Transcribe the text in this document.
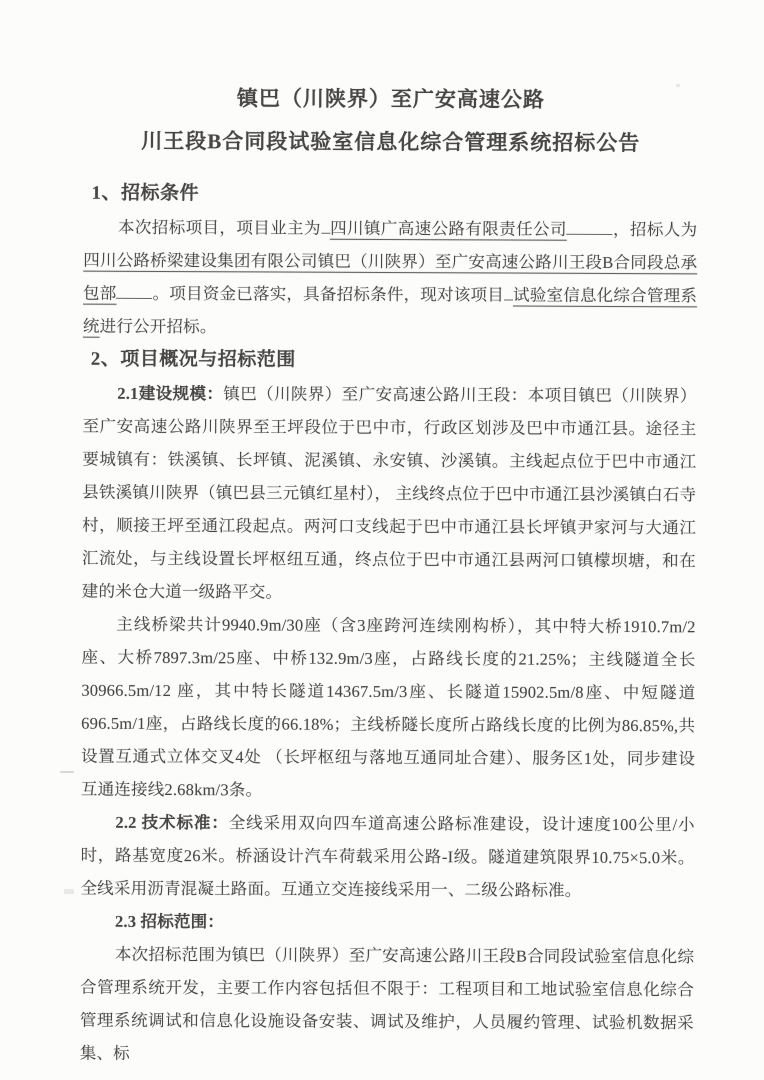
镇巴（川陕界）至广安高速公路
川王段B合同段试验室信息化综合管理系统招标公告
1、招标条件

本次招标项目，项目业主为 四川镇广高速公路有限责任公司	，招标人为四川公路桥梁建设集团有限公司镇巴（川陕界）至广安高速公路川王段B合同段总承包部 。项目资金已落实，具备招标条件，现对该项目 试验室信息化综合管理系统进行公开招标。

2、项目概况与招标范围

2.1建设规模：镇巴（川陕界）至广安高速公路川王段：本项目镇巴（川陕界）至广安高速公路川陕界至王坪段位于巴中市，行政区划涉及巴中市通江县。途径主要城镇有：铁溪镇、长坪镇、泥溪镇、永安镇、沙溪镇。主线起点位于巴中市通江县铁溪镇川陕界（镇巴县三元镇红星村）， 主线终点位于巴中市通江县沙溪镇白石寺村，顺接王坪至通江段起点。两河口支线起于巴中市通江县长坪镇尹家河与大通江汇流处，与主线设置长坪枢纽互通，终点位于巴中市通江县两河口镇檬坝塘，和在建的米仓大道一级路平交。

主线桥梁共计9940.9m/30座（含3座跨河连续刚构桥），其中特大桥1910.7m/2座、大桥7897.3m/25座、中桥132.9m/3座，占路线长度的21.25%；主线隧道全长30966.5m/12 座，其中特长隧道14367.5m/3座、长隧道15902.5m/8座、中短隧道696.5m/1座，占路线长度的66.18%；主线桥隧长度所占路线长度的比例为86.85%,共设置互通式立体交叉4处 （长坪枢纽与落地互通同址合建）、服务区1处，同步建设互通连接线2.68km/3条。

2.2 技术标准：全线采用双向四车道高速公路标准建设，设计速度100公里/小时，路基宽度26米。桥涵设计汽车荷载采用公路-I级。隧道建筑限界10.75×5.0米。全线采用沥青混凝土路面。互通立交连接线采用一、二级公路标准。

2.3 招标范围：

本次招标范围为镇巴（川陕界）至广安高速公路川王段B合同段试验室信息化综合管理系统开发，主要工作内容包括但不限于：工程项目和工地试验室信息化综合管理系统调试和信息化设施设备安装、调试及维护，人员履约管理、试验机数据采集、标
